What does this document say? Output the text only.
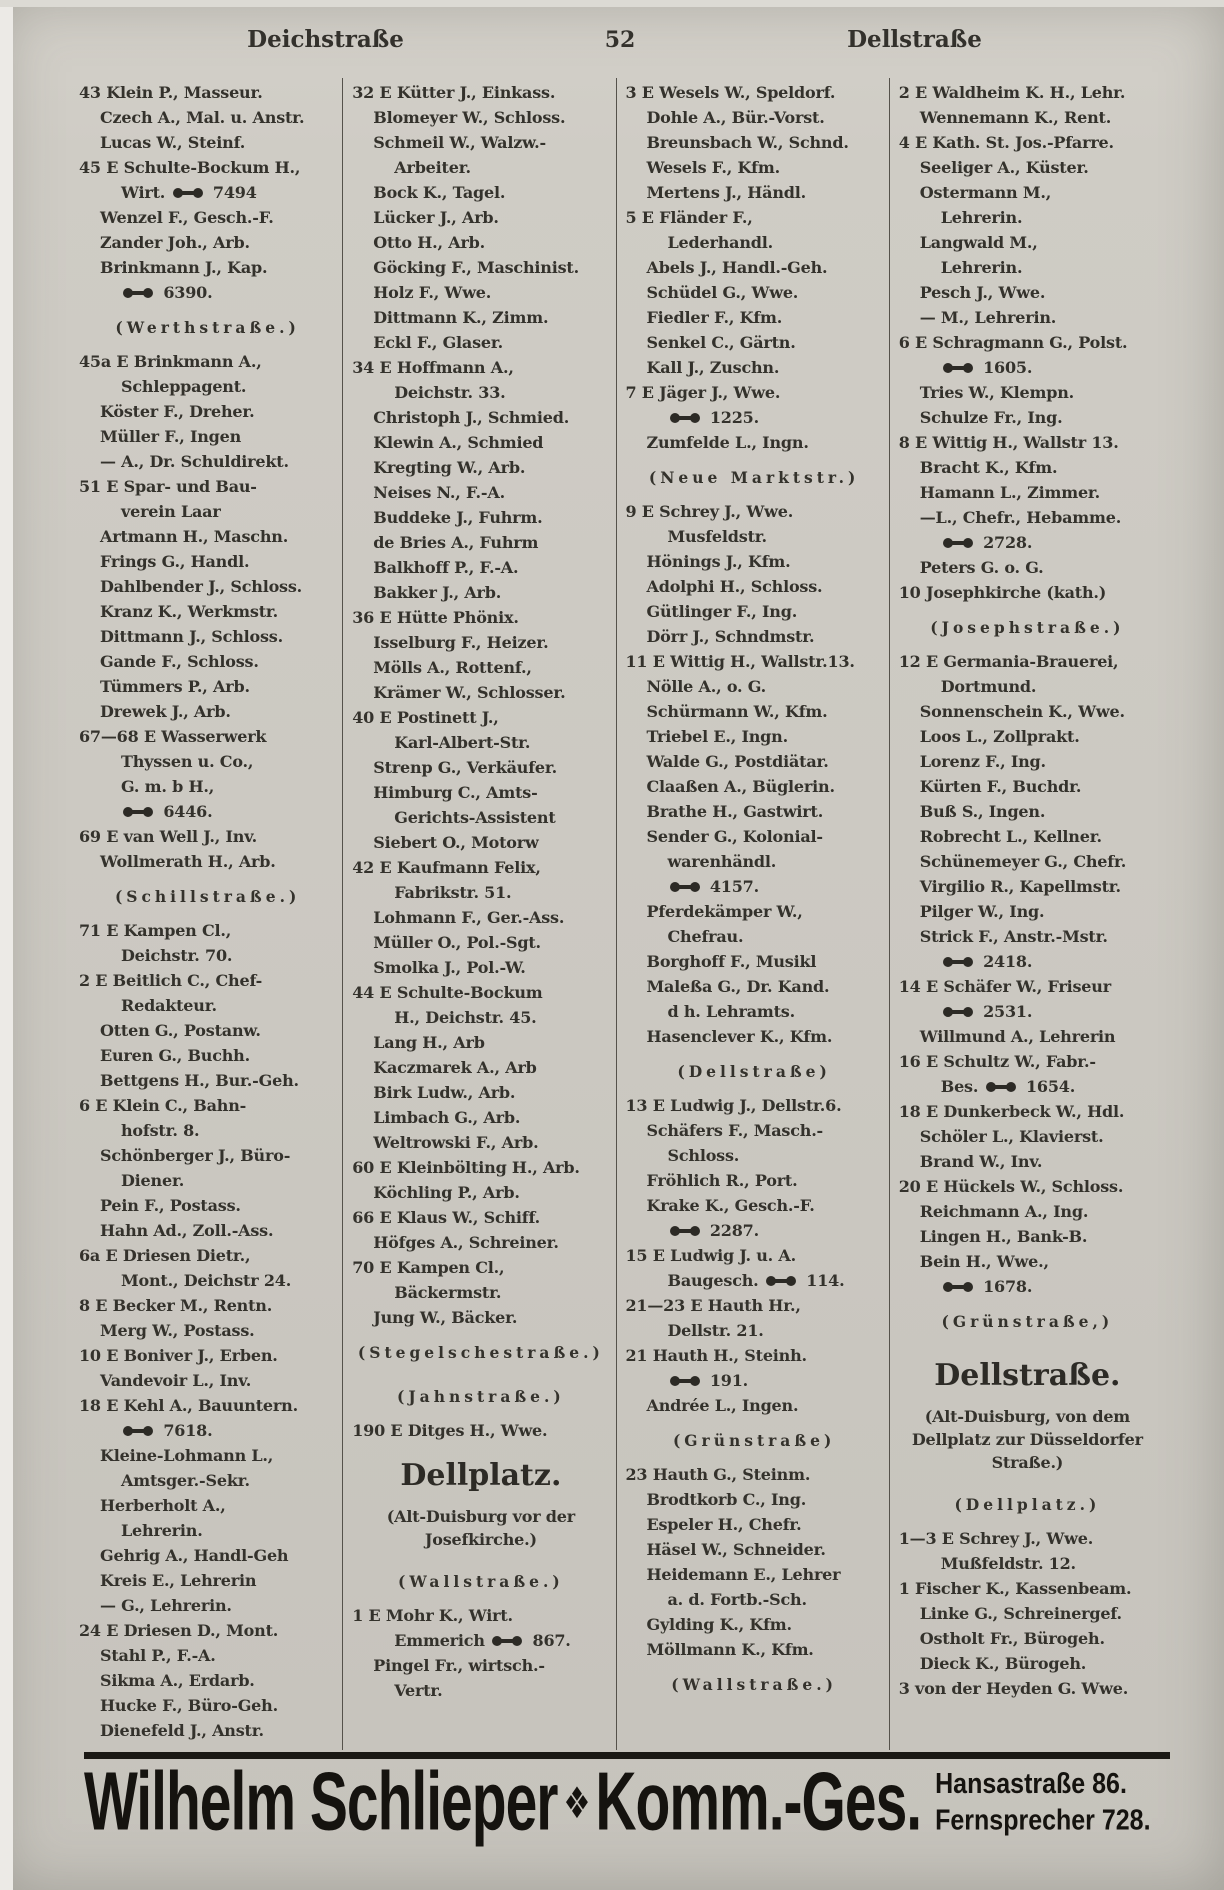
Deichstraße	52	Dellstraße
43 Klein P., Masseur.
Czech A., Mal. u. Anstr.
Lucas W., Steinf.
45 E Schulte-Bockum H.,
Wirt.  7494
Wenzel F., Gesch.-F.
Zander Joh., Arb.
Brinkmann J., Kap.
6390.
(Werthstraße.)
45a E Brinkmann A.,
Schleppagent.
Köster F., Dreher.
Müller F., Ingen
— A., Dr. Schuldirekt.
51 E Spar- und Bau-
verein Laar
Artmann H., Maschn.
Frings G., Handl.
Dahlbender J., Schloss.
Kranz K., Werkmstr.
Dittmann J., Schloss.
Gande F., Schloss.
Tümmers P., Arb.
Drewek J., Arb.
67—68 E Wasserwerk
Thyssen u. Co.,
G. m. b H.,
6446.
69 E van Well J., Inv.
Wollmerath H., Arb.
(Schillstraße.)
71 E Kampen Cl.,
Deichstr. 70.
2 E Beitlich C., Chef-
Redakteur.
Otten G., Postanw.
Euren G., Buchh.
Bettgens H., Bur.-Geh.
6 E Klein C., Bahn-
hofstr. 8.
Schönberger J., Büro-
Diener.
Pein F., Postass.
Hahn Ad., Zoll.-Ass.
6a E Driesen Dietr.,
Mont., Deichstr 24.
8 E Becker M., Rentn.
Merg W., Postass.
10 E Boniver J., Erben.
Vandevoir L., Inv.
18 E Kehl A., Bauuntern.
7618.
Kleine-Lohmann L.,
Amtsger.-Sekr.
Herberholt A.,
Lehrerin.
Gehrig A., Handl-Geh
Kreis E., Lehrerin
— G., Lehrerin.
24 E Driesen D., Mont.
Stahl P., F.-A.
Sikma A., Erdarb.
Hucke F., Büro-Geh.
Dienefeld J., Anstr.
32 E Kütter J., Einkass.
Blomeyer W., Schloss.
Schmeil W., Walzw.-
Arbeiter.
Bock K., Tagel.
Lücker J., Arb.
Otto H., Arb.
Göcking F., Maschinist.
Holz F., Wwe.
Dittmann K., Zimm.
Eckl F., Glaser.
34 E Hoffmann A.,
Deichstr. 33.
Christoph J., Schmied.
Klewin A., Schmied
Kregting W., Arb.
Neises N., F.-A.
Buddeke J., Fuhrm.
de Bries A., Fuhrm
Balkhoff P., F.-A.
Bakker J., Arb.
36 E Hütte Phönix.
Isselburg F., Heizer.
Mölls A., Rottenf.,
Krämer W., Schlosser.
40 E Postinett J.,
Karl-Albert-Str.
Strenp G., Verkäufer.
Himburg C., Amts-
Gerichts-Assistent
Siebert O., Motorw
42 E Kaufmann Felix,
Fabrikstr. 51.
Lohmann F., Ger.-Ass.
Müller O., Pol.-Sgt.
Smolka J., Pol.-W.
44 E Schulte-Bockum
H., Deichstr. 45.
Lang H., Arb
Kaczmarek A., Arb
Birk Ludw., Arb.
Limbach G., Arb.
Weltrowski F., Arb.
60 E Kleinbölting H., Arb.
Köchling P., Arb.
66 E Klaus W., Schiff.
Höfges A., Schreiner.
70 E Kampen Cl.,
Bäckermstr.
Jung W., Bäcker.
(Stegelschestraße.)
(Jahnstraße.)
190 E Ditges H., Wwe.
Dellplatz.
(Alt-Duisburg vor der Josefkirche.)
(Wallstraße.)
1 E Mohr K., Wirt.
Emmerich  867.
Pingel Fr., wirtsch.-
Vertr.
3 E Wesels W., Speldorf.
Dohle A., Bür.-Vorst.
Breunsbach W., Schnd.
Wesels F., Kfm.
Mertens J., Händl.
5 E Fländer F.,
Lederhandl.
Abels J., Handl.-Geh.
Schüdel G., Wwe.
Fiedler F., Kfm.
Senkel C., Gärtn.
Kall J., Zuschn.
7 E Jäger J., Wwe.
1225.
Zumfelde L., Ingn.
(Neue Marktstr.)
9 E Schrey J., Wwe.
Musfeldstr.
Hönings J., Kfm.
Adolphi H., Schloss.
Gütlinger F., Ing.
Dörr J., Schndmstr.
11 E Wittig H., Wallstr.13.
Nölle A., o. G.
Schürmann W., Kfm.
Triebel E., Ingn.
Walde G., Postdiätar.
Claaßen A., Büglerin.
Brathe H., Gastwirt.
Sender G., Kolonial-
warenhändl.
4157.
Pferdekämper W.,
Chefrau.
Borghoff F., Musikl
Maleßa G., Dr. Kand.
d h. Lehramts.
Hasenclever K., Kfm.
(Dellstraße)
13 E Ludwig J., Dellstr.6.
Schäfers F., Masch.-
Schloss.
Fröhlich R., Port.
Krake K., Gesch.-F.
2287.
15 E Ludwig J. u. A.
Baugesch.  114.
21—23 E Hauth Hr.,
Dellstr. 21.
21 Hauth H., Steinh.
191.
Andrée L., Ingen.
(Grünstraße)
23 Hauth G., Steinm.
Brodtkorb C., Ing.
Espeler H., Chefr.
Häsel W., Schneider.
Heidemann E., Lehrer
a. d. Fortb.-Sch.
Gylding K., Kfm.
Möllmann K., Kfm.
(Wallstraße.)
2 E Waldheim K. H., Lehr.
Wennemann K., Rent.
4 E Kath. St. Jos.-Pfarre.
Seeliger A., Küster.
Ostermann M.,
Lehrerin.
Langwald M.,
Lehrerin.
Pesch J., Wwe.
— M., Lehrerin.
6 E Schragmann G., Polst.
1605.
Tries W., Klempn.
Schulze Fr., Ing.
8 E Wittig H., Wallstr 13.
Bracht K., Kfm.
Hamann L., Zimmer.
—L., Chefr., Hebamme.
2728.
Peters G. o. G.
10 Josephkirche (kath.)
(Josephstraße.)
12 E Germania-Brauerei,
Dortmund.
Sonnenschein K., Wwe.
Loos L., Zollprakt.
Lorenz F., Ing.
Kürten F., Buchdr.
Buß S., Ingen.
Robrecht L., Kellner.
Schünemeyer G., Chefr.
Virgilio R., Kapellmstr.
Pilger W., Ing.
Strick F., Anstr.-Mstr.
2418.
14 E Schäfer W., Friseur
2531.
Willmund A., Lehrerin
16 E Schultz W., Fabr.-
Bes.  1654.
18 E Dunkerbeck W., Hdl.
Schöler L., Klavierst.
Brand W., Inv.
20 E Hückels W., Schloss.
Reichmann A., Ing.
Lingen H., Bank-B.
Bein H., Wwe.,
1678.
(Grünstraße,)
Dellstraße.
(Alt-Duisburg, von dem Dellplatz zur Düsseldorfer Straße.)
(Dellplatz.)
1—3 E Schrey J., Wwe.
Mußfeldstr. 12.
1 Fischer K., Kassenbeam.
Linke G., Schreinergef.
Ostholt Fr., Bürogeh.
Dieck K., Bürogeh.
3 von der Heyden G. Wwe.
Wilhelm Schlieper ❖ Komm.-Ges. Hansastraße 86.
Fernsprecher 728.
